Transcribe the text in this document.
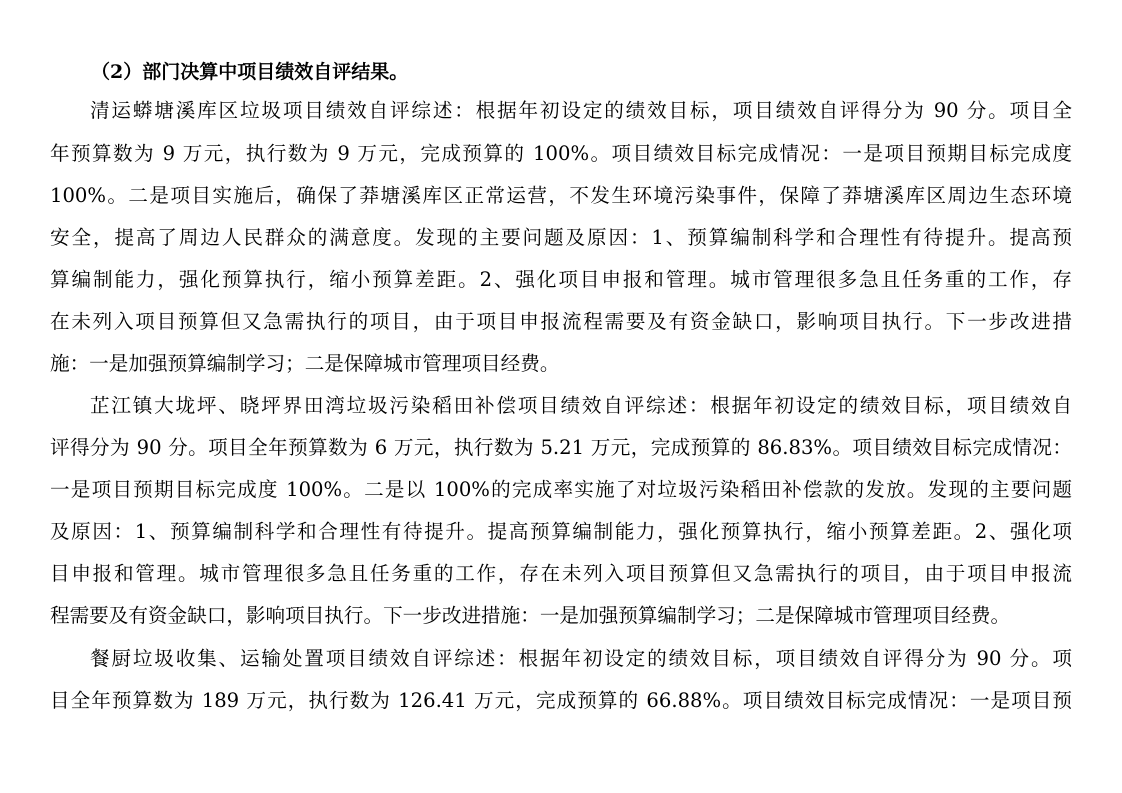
（2）部门决算中项目绩效自评结果。
清运蟒塘溪库区垃圾项目绩效自评综述：根据年初设定的绩效目标，项目绩效自评得分为 90 分。项目全
年预算数为 9 万元，执行数为 9 万元，完成预算的 100%。项目绩效目标完成情况：一是项目预期目标完成度
100%。二是项目实施后，确保了莽塘溪库区正常运营，不发生环境污染事件，保障了莽塘溪库区周边生态环境
安全，提高了周边人民群众的满意度。发现的主要问题及原因：1、预算编制科学和合理性有待提升。提高预
算编制能力，强化预算执行，缩小预算差距。2、强化项目申报和管理。城市管理很多急且任务重的工作，存
在未列入项目预算但又急需执行的项目，由于项目申报流程需要及有资金缺口，影响项目执行。下一步改进措
施：一是加强预算编制学习；二是保障城市管理项目经费。
芷江镇大垅坪、晓坪界田湾垃圾污染稻田补偿项目绩效自评综述：根据年初设定的绩效目标，项目绩效自
评得分为 90 分。项目全年预算数为 6 万元，执行数为 5.21 万元，完成预算的 86.83%。项目绩效目标完成情况：
一是项目预期目标完成度 100%。二是以 100%的完成率实施了对垃圾污染稻田补偿款的发放。发现的主要问题
及原因：1、预算编制科学和合理性有待提升。提高预算编制能力，强化预算执行，缩小预算差距。2、强化项
目申报和管理。城市管理很多急且任务重的工作，存在未列入项目预算但又急需执行的项目，由于项目申报流
程需要及有资金缺口，影响项目执行。下一步改进措施：一是加强预算编制学习；二是保障城市管理项目经费。
餐厨垃圾收集、运输处置项目绩效自评综述：根据年初设定的绩效目标，项目绩效自评得分为 90 分。项
目全年预算数为 189 万元，执行数为 126.41 万元，完成预算的 66.88%。项目绩效目标完成情况：一是项目预
